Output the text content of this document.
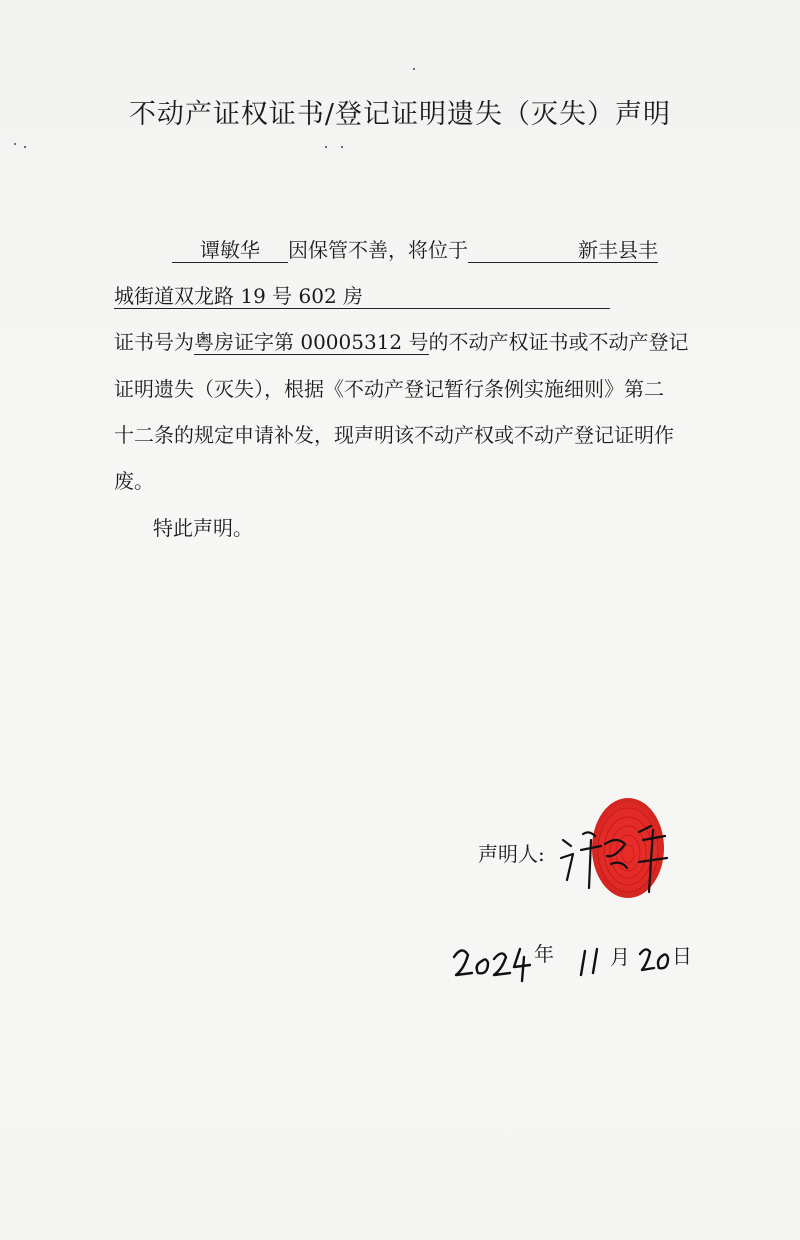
不动产证权证书/登记证明遗失（灭失）声明
谭敏华 因保管不善，将位于	新丰县丰
城街道双龙路 19 号 602 房
证书号为粤房证字第 00005312 号的不动产权证书或不动产登记
证明遗失（灭失），根据《不动产登记暂行条例实施细则》第二
十二条的规定申请补发，现声明该不动产权或不动产登记证明作
废。
特此声明。
声明人:
年	月 日
